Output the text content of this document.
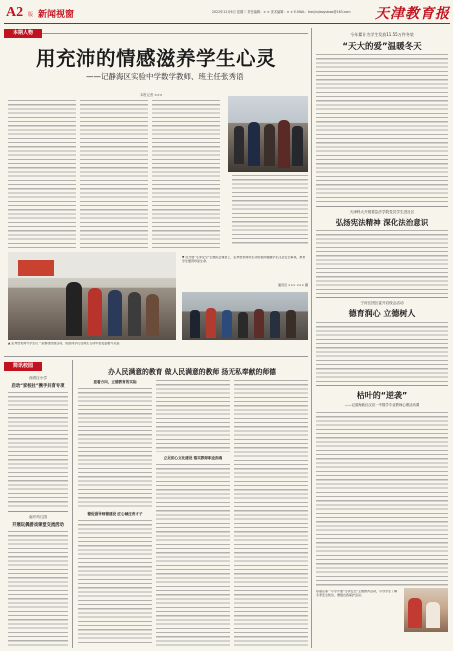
A2 版 新闻视窗	2022年12月6日 星期二 责任编辑：× × 美术编辑：× × E-MAIL：tianjinjiaoyubao@163.com 天津教育报
本期人物
用充沛的情感滋养学生心灵
——记静海区实验中学数学教师、班主任张秀语
本报记者 ×××
▼ 在开展“冬季安全”主题班会课堂上，张秀语老师用生动的案例提醒学生注意安全事项，教育学生懂得珍爱生命。
通讯员 ××× ××× 摄
▲ 张秀语老师与学生们一起参加校园活动，班级同学们在师生互动中感受温暖与关爱。
今年累计为学生发放11.55万件冬装
“天大的爱”温暖冬天
天津科大开展着急法学院党员学生进社区
弘扬宪法精神 深化法治意识
宁河区团区委开启校会活动
德育润心 立德树人
枯叶的“逆袭”
——记滨海新区汉沽一中数学专业教师心理活动课
东丽区第一小学开展“冬季安全”主题教育活动，引导学生了解冬季安全知识，增强自我保护意识。
简讯校园
西青区小学
启动“家校社”携手共育专项
南开幼儿园
开展玩偶游戏课堂交流活动
办人民满意的教育 做人民满意的教师 扬无私奉献的师德
迎着方向，立德教育的实际
德促倡导师德建设 匠心倾注育才子
立足初心文化建设 落实教师职业指南
